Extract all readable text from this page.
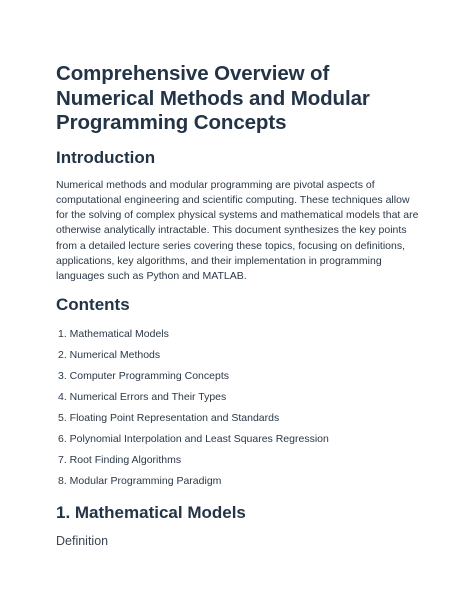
Comprehensive Overview of Numerical Methods and Modular Programming Concepts
Introduction

Numerical methods and modular programming are pivotal aspects of computational engineering and scientific computing. These techniques allow for the solving of complex physical systems and mathematical models that are otherwise analytically intractable. This document synthesizes the key points from a detailed lecture series covering these topics, focusing on definitions, applications, key algorithms, and their implementation in programming languages such as Python and MATLAB.

Contents
1. Mathematical Models
2. Numerical Methods
3. Computer Programming Concepts
4. Numerical Errors and Their Types
5. Floating Point Representation and Standards
6. Polynomial Interpolation and Least Squares Regression
7. Root Finding Algorithms
8. Modular Programming Paradigm
1. Mathematical Models
Definition
